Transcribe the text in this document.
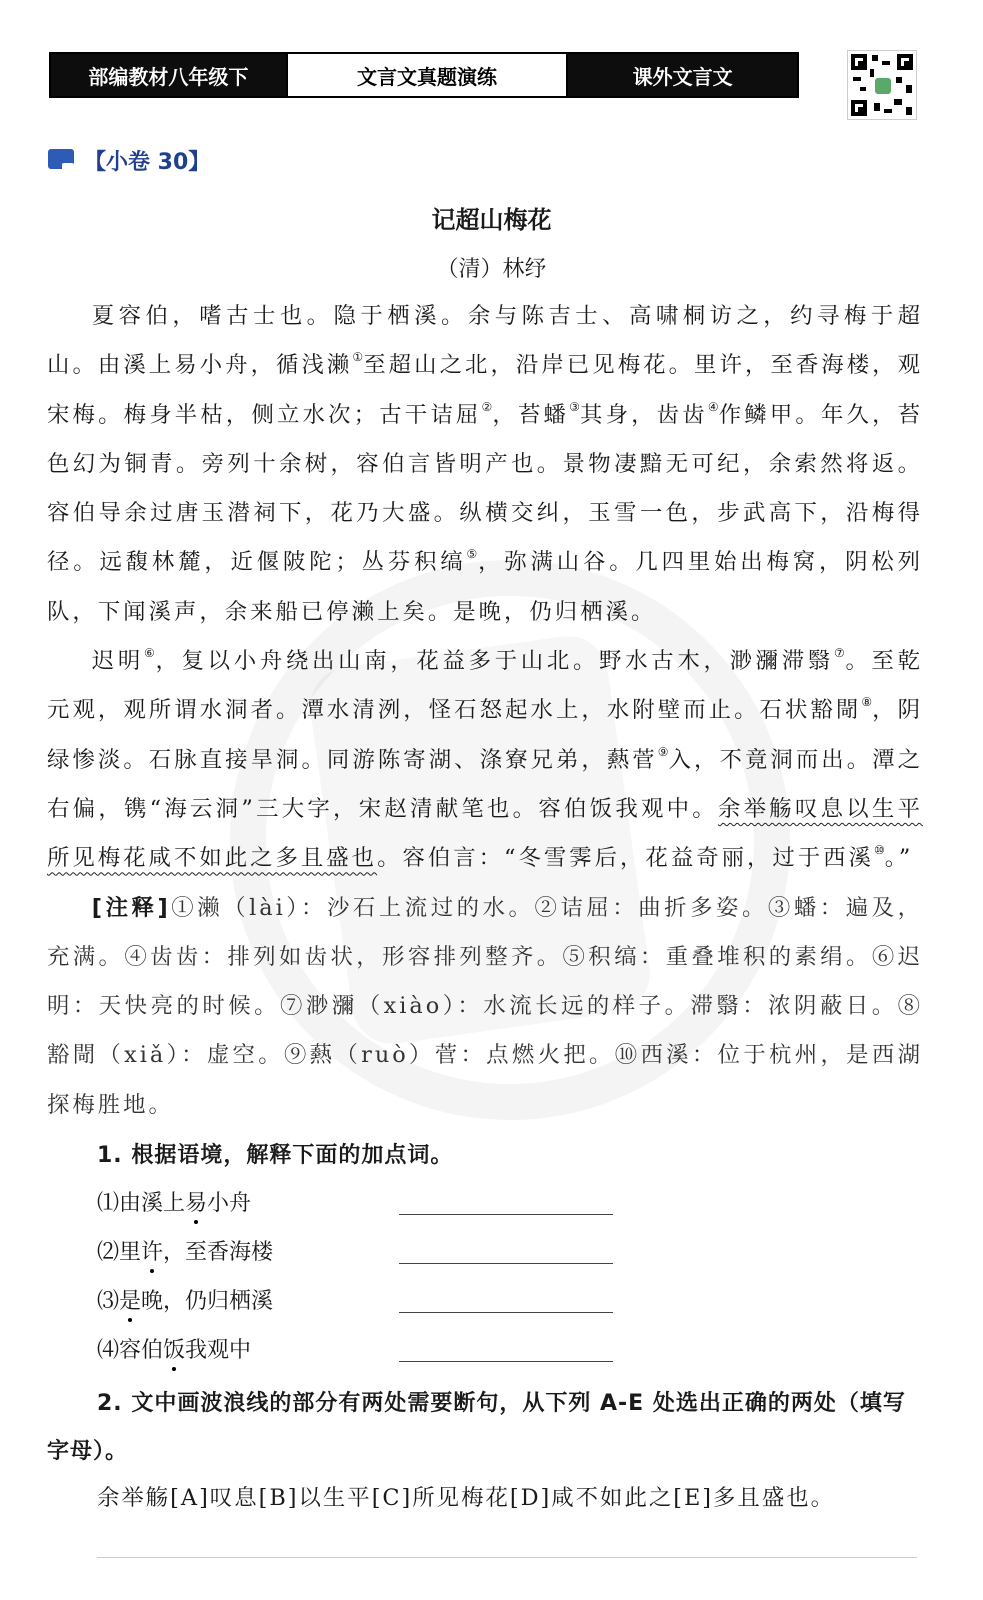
部编教材八年级下	文言文真题演练	课外文言文
【小卷 30】
记超山梅花
（清）林纾

夏容伯，嗜古士也。隐于栖溪。余与陈吉士、高啸桐访之，约寻梅于超山。由溪上易小舟，循浅濑①至超山之北，沿岸已见梅花。里许，至香海楼，观宋梅。梅身半枯，侧立水次；古干诘屈②，苔蟠③其身，齿齿④作鳞甲。年久，苔色幻为铜青。旁列十余树，容伯言皆明产也。景物凄黯无可纪，余索然将返。容伯导余过唐玉潜祠下，花乃大盛。纵横交纠，玉雪一色，步武高下，沿梅得径。远馥林麓，近偃陂陀；丛芬积缟⑤，弥满山谷。几四里始出梅窝，阴松列队，下闻溪声，余来船已停濑上矣。是晚，仍归栖溪。

迟明⑥，复以小舟绕出山南，花益多于山北。野水古木，渺瀰滞翳⑦。至乾元观，观所谓水洞者。潭水清洌，怪石怒起水上，水附壁而止。石状豁閜⑧，阴绿惨淡。石脉直接旱洞。同游陈寄湖、涤寮兄弟，爇菅⑨入，不竟洞而出。潭之右偏，镌“海云洞”三大字，宋赵清献笔也。容伯饭我观中。余举觞叹息以生平所见梅花咸不如此之多且盛也。容伯言：“冬雪霁后，花益奇丽，过于西溪⑩。”

[注释]①濑（lài）：沙石上流过的水。②诘屈：曲折多姿。③蟠：遍及，充满。④齿齿：排列如齿状，形容排列整齐。⑤积缟：重叠堆积的素绢。⑥迟明：天快亮的时候。⑦渺瀰（xiào）：水流长远的样子。滞翳：浓阴蔽日。⑧豁閜（xiǎ）：虚空。⑨爇（ruò）菅：点燃火把。⑩西溪：位于杭州，是西湖探梅胜地。

1. 根据语境，解释下面的加点词。
⑴由溪上易小舟
⑵里许，至香海楼
⑶是晚，仍归栖溪
⑷容伯饭我观中
2. 文中画波浪线的部分有两处需要断句，从下列 A-E 处选出正确的两处（填写字母）。
余举觞[A]叹息[B]以生平[C]所见梅花[D]咸不如此之[E]多且盛也。
